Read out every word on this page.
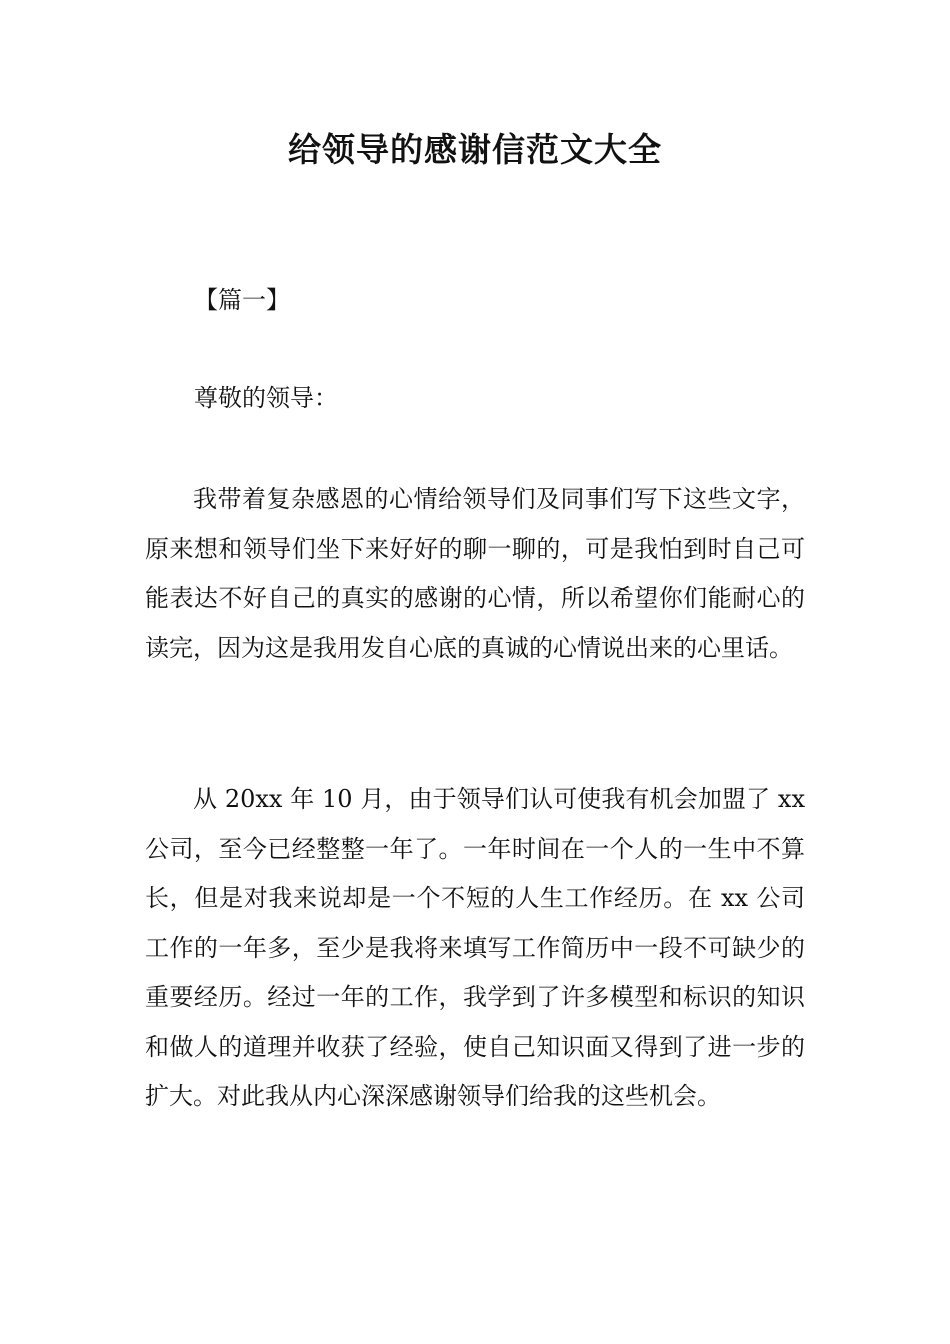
给领导的感谢信范文大全
【篇一】
尊敬的领导：

我带着复杂感恩的心情给领导们及同事们写下这些文字，原来想和领导们坐下来好好的聊一聊的，可是我怕到时自己可能表达不好自己的真实的感谢的心情，所以希望你们能耐心的读完，因为这是我用发自心底的真诚的心情说出来的心里话。

从 20xx 年 10 月，由于领导们认可使我有机会加盟了 xx 公司，至今已经整整一年了。一年时间在一个人的一生中不算长，但是对我来说却是一个不短的人生工作经历。在 xx 公司工作的一年多，至少是我将来填写工作简历中一段不可缺少的重要经历。经过一年的工作，我学到了许多模型和标识的知识和做人的道理并收获了经验，使自己知识面又得到了进一步的扩大。对此我从内心深深感谢领导们给我的这些机会。
